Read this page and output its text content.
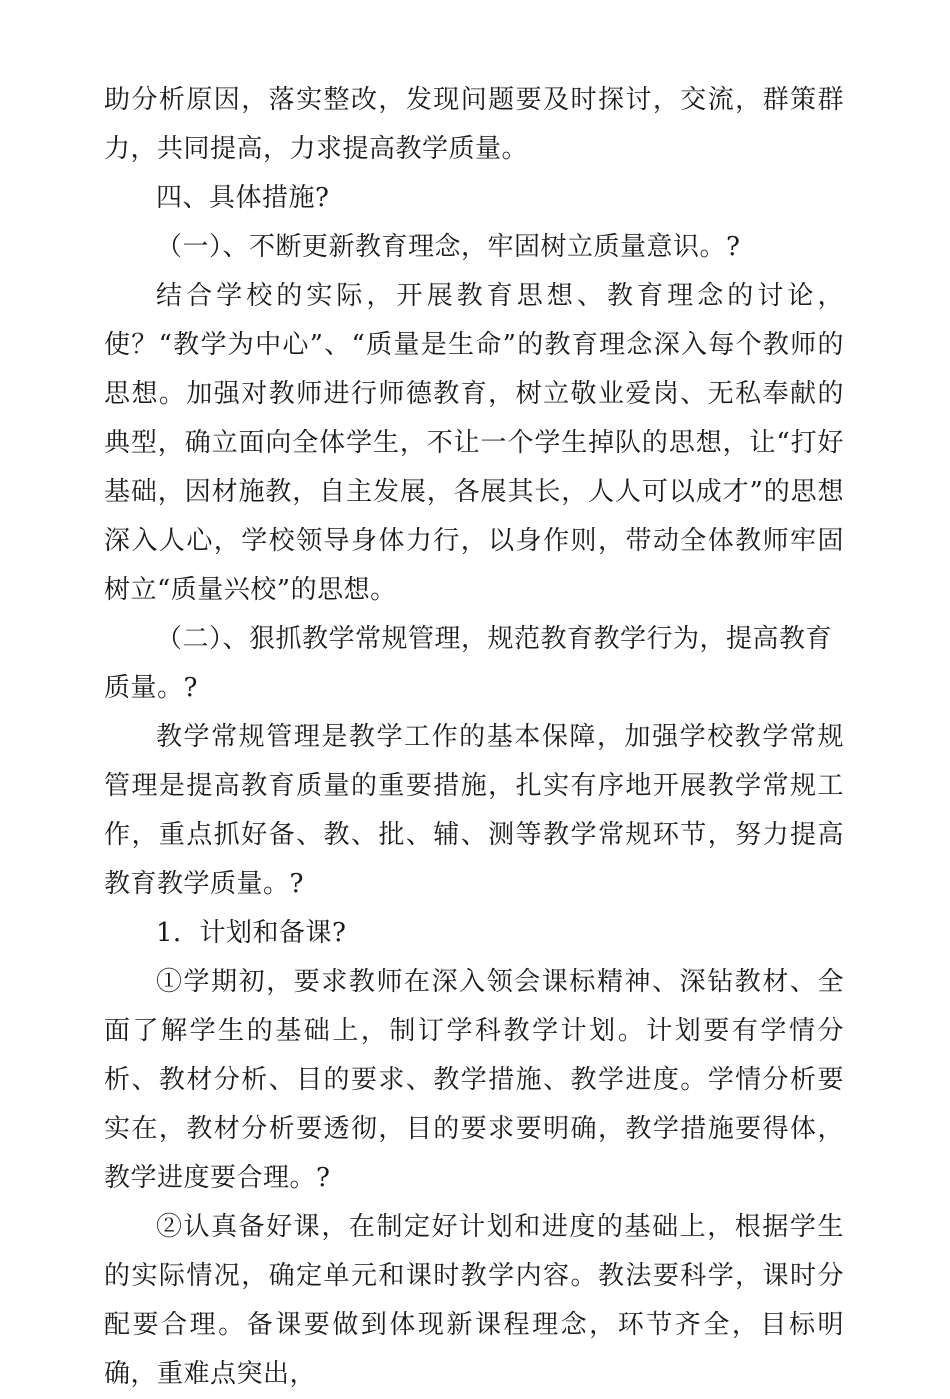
助分析原因，落实整改，发现问题要及时探讨，交流，群策群力，共同提高，力求提高教学质量。

四、具体措施?

（一）、不断更新教育理念，牢固树立质量意识。?

结合学校的实际，开展教育思想、教育理念的讨论，使？“教学为中心”、“质量是生命”的教育理念深入每个教师的思想。加强对教师进行师德教育，树立敬业爱岗、无私奉献的典型，确立面向全体学生，不让一个学生掉队的思想，让“打好基础，因材施教，自主发展，各展其长，人人可以成才”的思想深入人心，学校领导身体力行，以身作则，带动全体教师牢固树立“质量兴校”的思想。

（二）、狠抓教学常规管理，规范教育教学行为，提高教育质量。?

教学常规管理是教学工作的基本保障，加强学校教学常规管理是提高教育质量的重要措施，扎实有序地开展教学常规工作，重点抓好备、教、批、辅、测等教学常规环节，努力提高教育教学质量。?

1．计划和备课?

①学期初，要求教师在深入领会课标精神、深钻教材、全面了解学生的基础上，制订学科教学计划。计划要有学情分析、教材分析、目的要求、教学措施、教学进度。学情分析要实在，教材分析要透彻，目的要求要明确，教学措施要得体，教学进度要合理。?

②认真备好课，在制定好计划和进度的基础上，根据学生的实际情况，确定单元和课时教学内容。教法要科学，课时分配要合理。备课要做到体现新课程理念，环节齐全，目标明确，重难点突出，
